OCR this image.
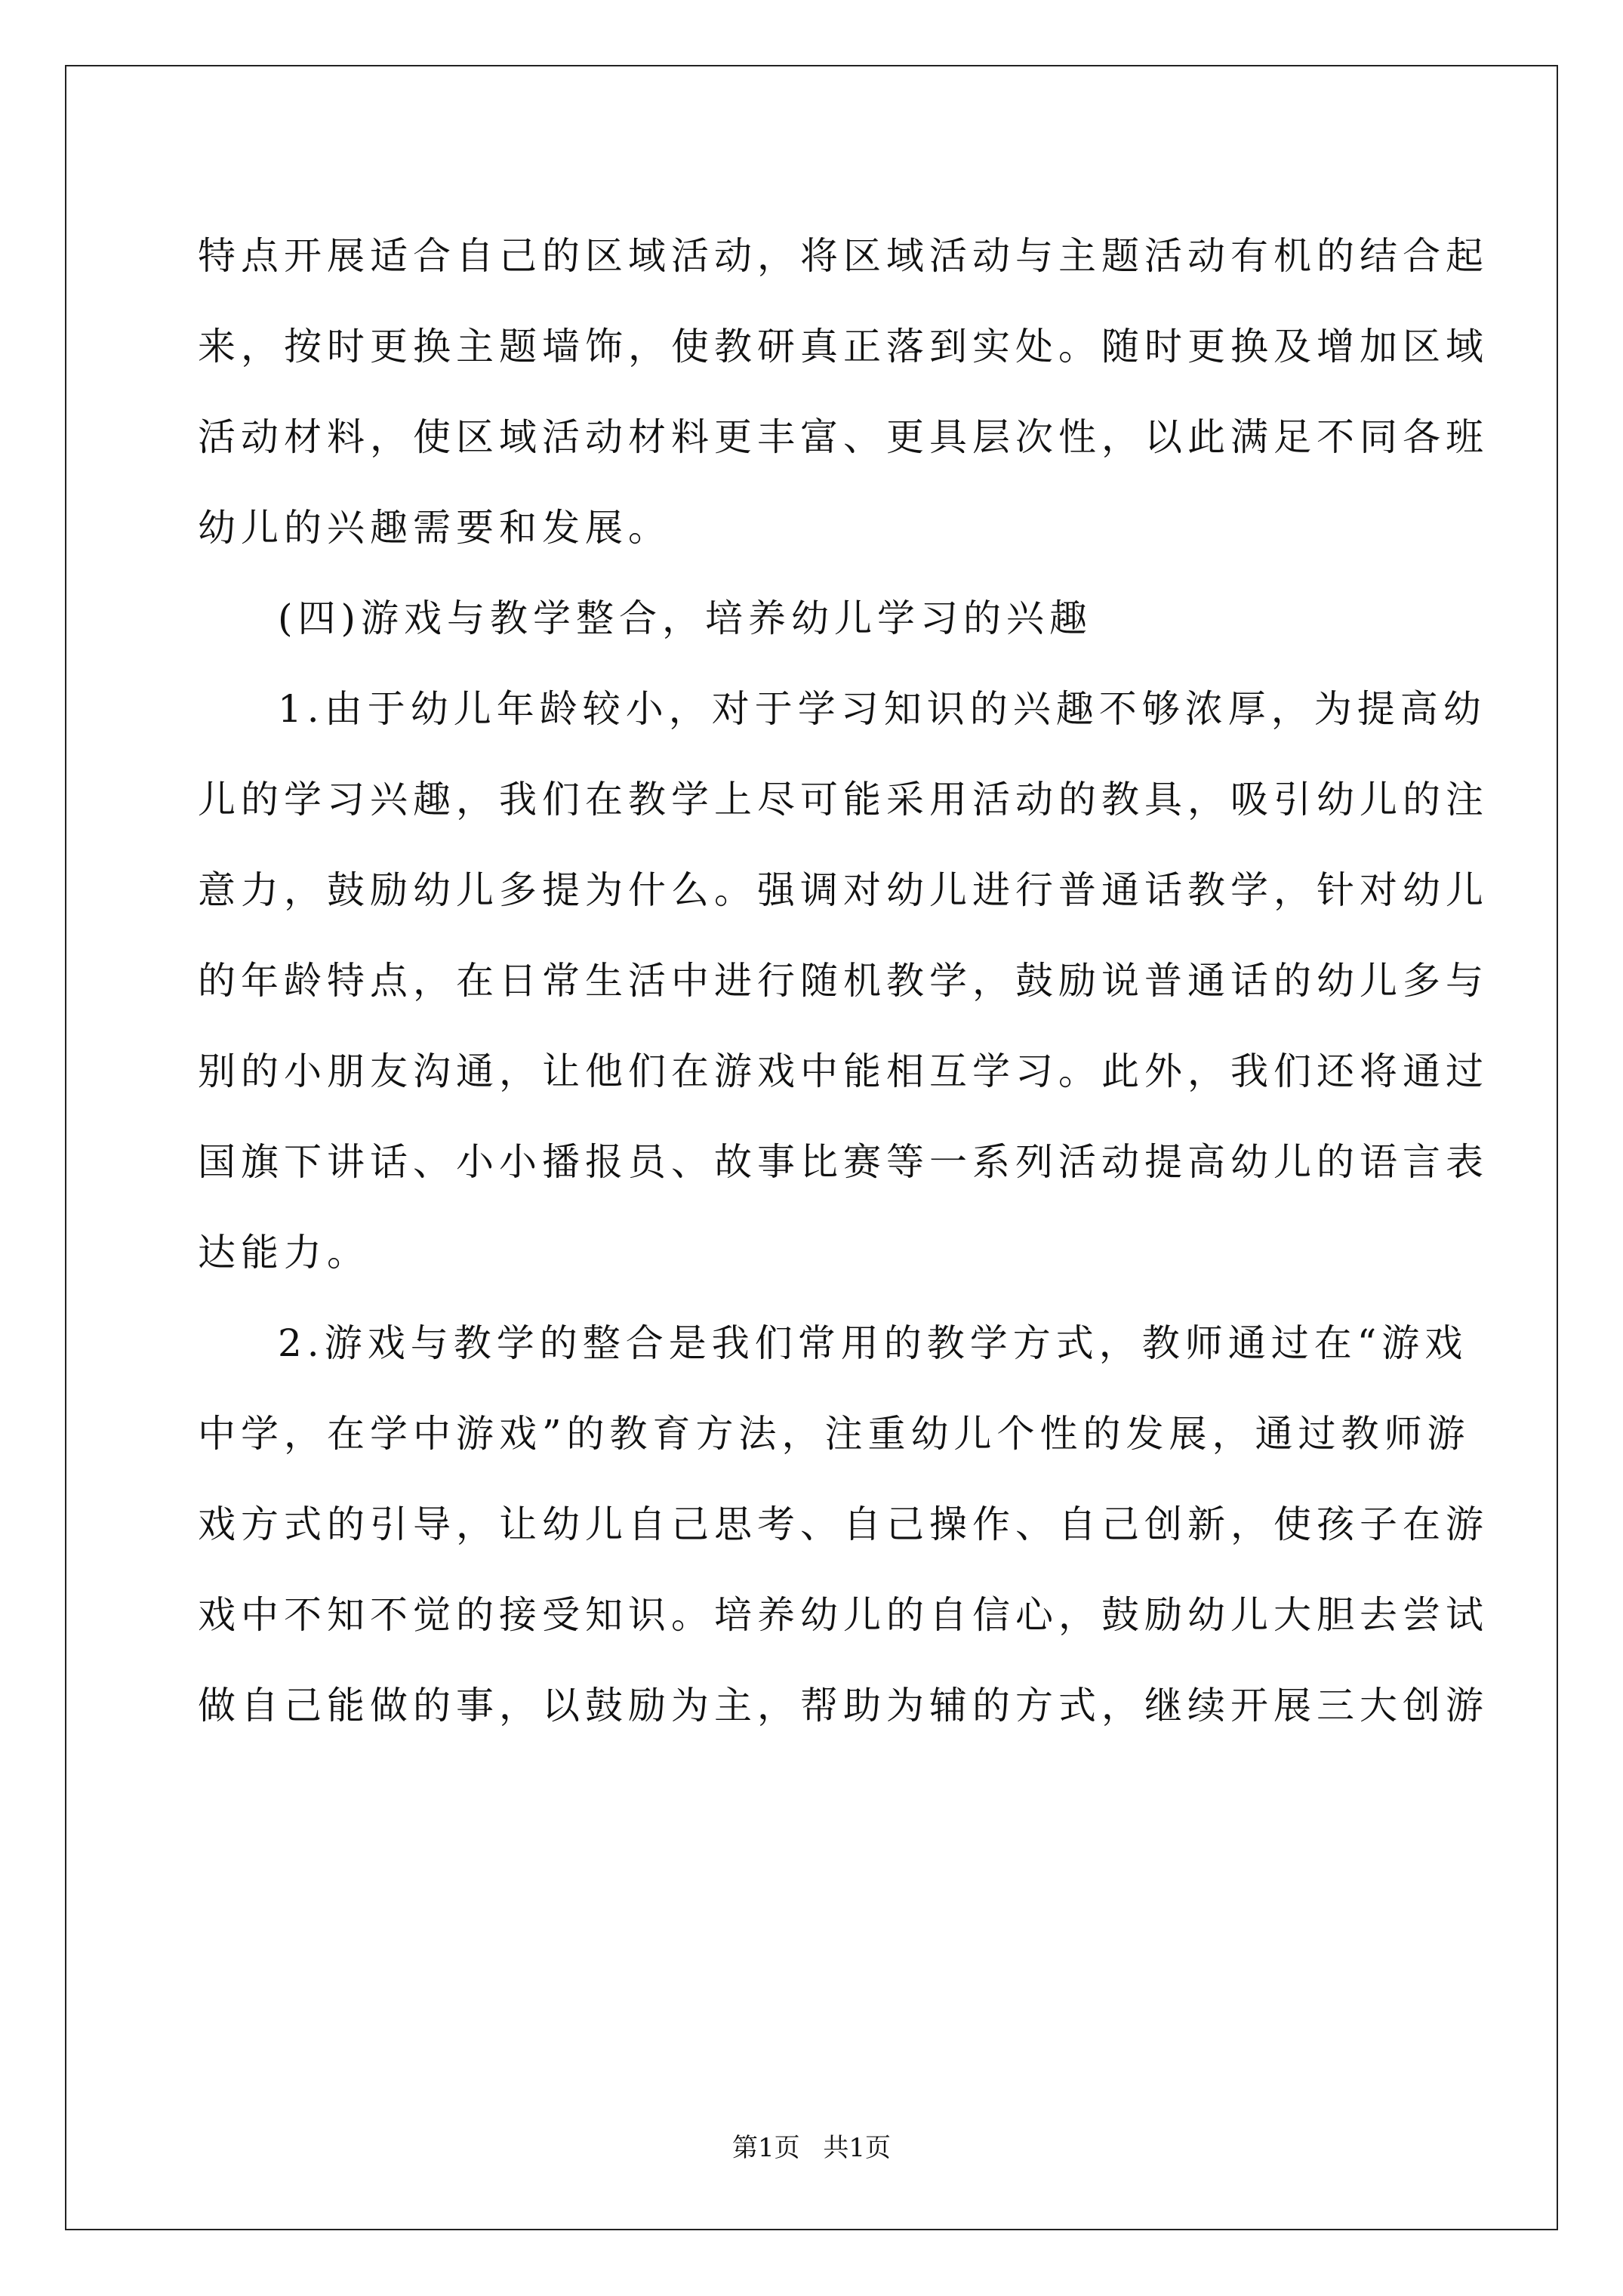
特点开展适合自己的区域活动，将区域活动与主题活动有机的结合起
来，按时更换主题墙饰，使教研真正落到实处。随时更换及增加区域
活动材料，使区域活动材料更丰富、更具层次性，以此满足不同各班
幼儿的兴趣需要和发展。
(四)游戏与教学整合，培养幼儿学习的兴趣
1.由于幼儿年龄较小，对于学习知识的兴趣不够浓厚，为提高幼
儿的学习兴趣，我们在教学上尽可能采用活动的教具，吸引幼儿的注
意力，鼓励幼儿多提为什么。强调对幼儿进行普通话教学，针对幼儿
的年龄特点，在日常生活中进行随机教学，鼓励说普通话的幼儿多与
别的小朋友沟通，让他们在游戏中能相互学习。此外，我们还将通过
国旗下讲话、小小播报员、故事比赛等一系列活动提高幼儿的语言表
达能力。
2.游戏与教学的整合是我们常用的教学方式，教师通过在“游戏
中学，在学中游戏”的教育方法，注重幼儿个性的发展，通过教师游
戏方式的引导，让幼儿自己思考、自己操作、自己创新，使孩子在游
戏中不知不觉的接受知识。培养幼儿的自信心，鼓励幼儿大胆去尝试
做自己能做的事，以鼓励为主，帮助为辅的方式，继续开展三大创游
第1页 共1页
